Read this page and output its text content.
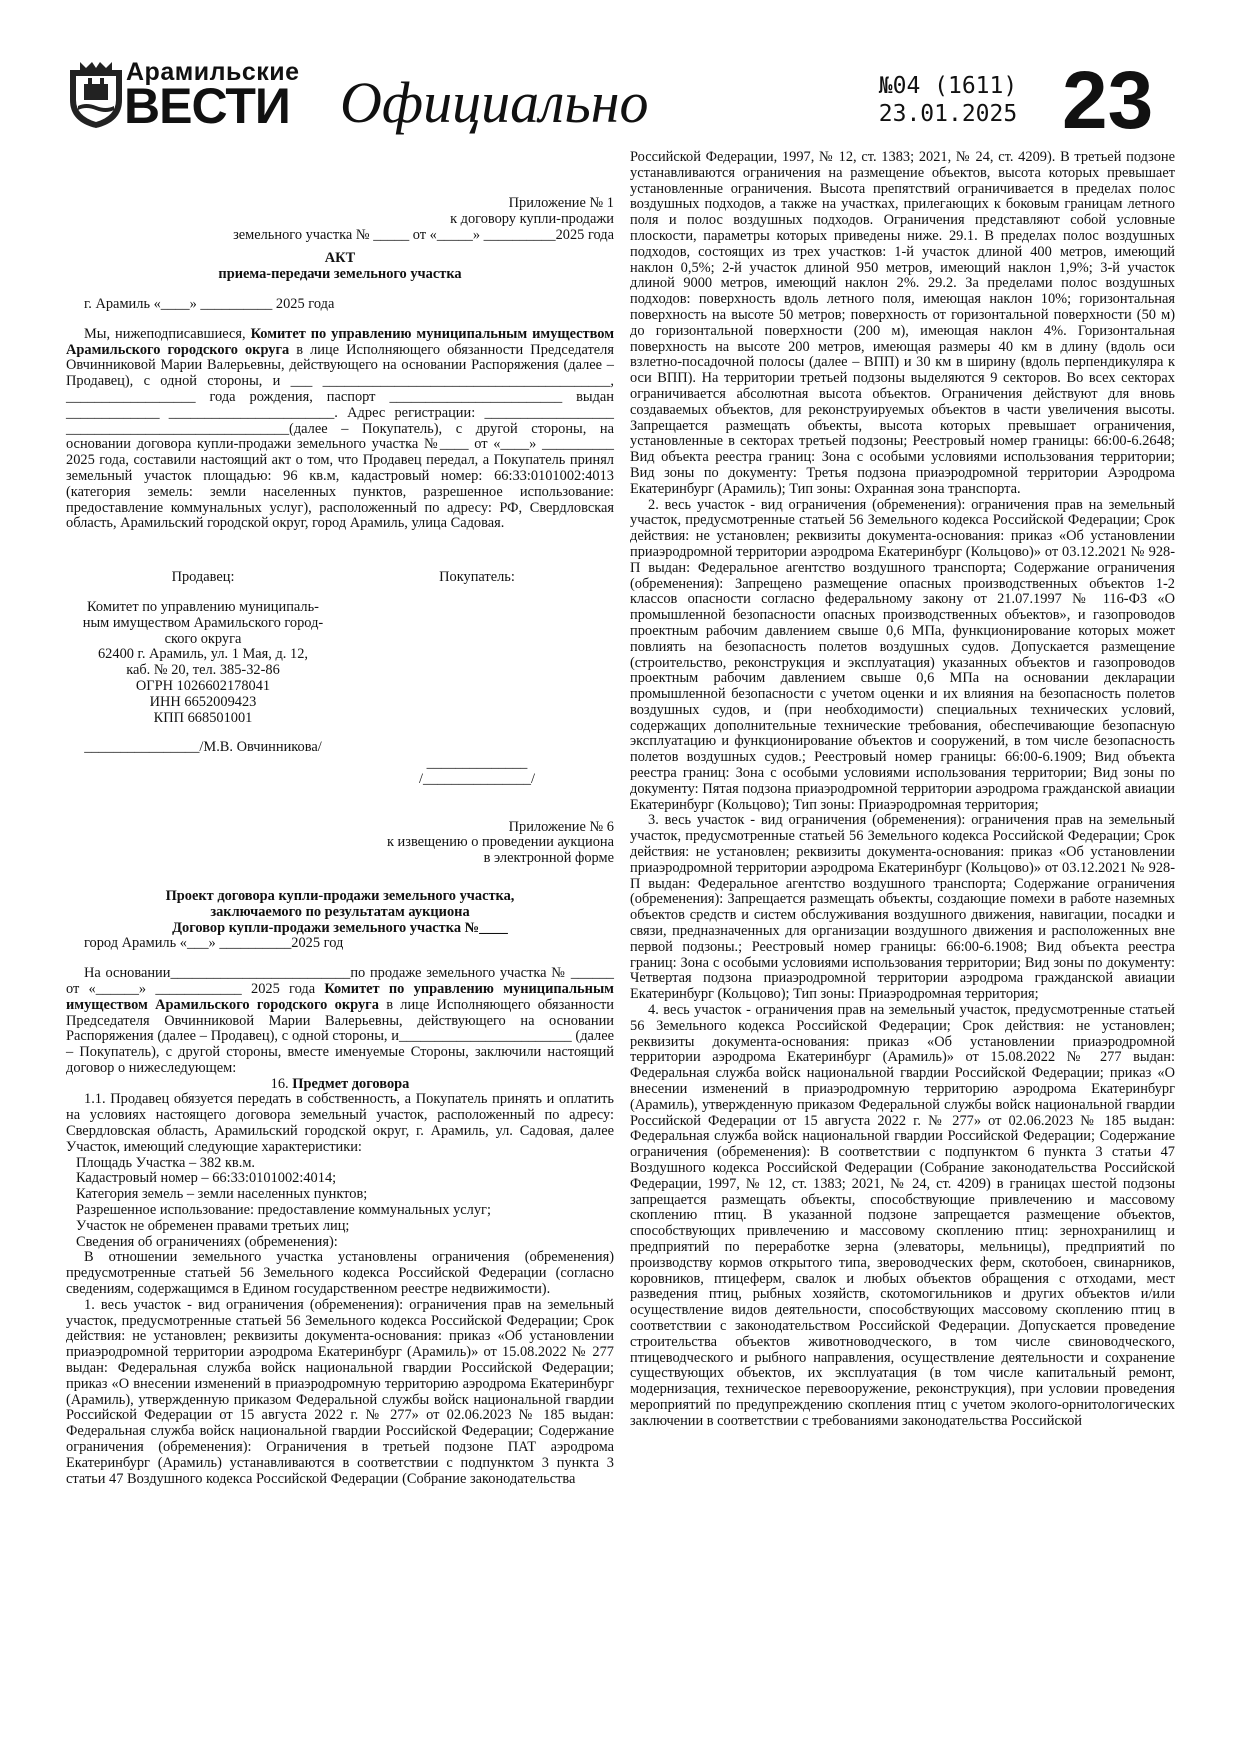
Арамильские
ВЕСТИ Официально	№04 (1611)
23.01.2025 23

Приложение № 1

к договору купли-продажи

земельного участка № _____ от «_____» __________2025 года

АКТ

приема-передачи земельного участка

г. Арамиль «____» __________ 2025 года

Мы, нижеподписавшиеся, Комитет по управлению муниципальным имуществом Арамильского городского округа в лице Исполняющего обязанности Председателя Овчинниковой Марии Валерьевны, действующего на основании Распоряжения (далее – Продавец), с одной стороны, и ___ ________________________________________, __________________ года рождения, паспорт ________________________ выдан _____________ _______________________. Адрес регистрации: __________________ _______________________________(далее – Покупатель), с другой стороны, на основании договора купли-продажи земельного участка №____ от «____» __________ 2025 года, составили настоящий акт о том, что Продавец передал, а Покупатель принял земельный участок площадью: 96 кв.м, кадастровый номер: 66:33:0101002:4013 (категория земель: земли населенных пунктов, разрешенное использование: предоставление коммунальных услуг), расположенный по адресу: РФ, Свердловская область, Арамильский городской округ, город Арамиль, улица Садовая.

Продавец:

Комитет по управлению муниципаль-

ным имуществом Арамильского город-

ского округа

62400 г. Арамиль, ул. 1 Мая, д. 12,

каб. № 20, тел. 385-32-86

ОГРН 1026602178041

ИНН 6652009423

КПП 668501001

________________/М.В. Овчинникова/

Покупатель:

______________

/_______________/

Приложение № 6

к извещению о проведении аукциона

в электронной форме

Проект договора купли-продажи земельного участка,

заключаемого по результатам аукциона

Договор купли-продажи земельного участка №____

город Арамиль «___» __________2025 год

На основании_________________________по продаже земельного участка № ______ от «______» ____________ 2025 года Комитет по управлению муниципальным имуществом Арамильского городского округа в лице Исполняющего обязанности Председателя Овчинниковой Марии Валерьевны, действующего на основании Распоряжения (далее – Продавец), с одной стороны, и________________________ (далее – Покупатель), с другой стороны, вместе именуемые Стороны, заключили настоящий договор о нижеследующем:

16. Предмет договора

1.1. Продавец обязуется передать в собственность, а Покупатель принять и оплатить на условиях настоящего договора земельный участок, расположенный по адресу: Свердловская область, Арамильский городской округ, г. Арамиль, ул. Садовая, далее Участок, имеющий следующие характеристики:

Площадь Участка – 382 кв.м.

Кадастровый номер – 66:33:0101002:4014;

Категория земель – земли населенных пунктов;

Разрешенное использование: предоставление коммунальных услуг;

Участок не обременен правами третьих лиц;

Сведения об ограничениях (обременения):

В отношении земельного участка установлены ограничения (обременения) предусмотренные статьей 56 Земельного кодекса Российской Федерации (согласно сведениям, содержащимся в Едином государственном реестре недвижимости).

1. весь участок - вид ограничения (обременения): ограничения прав на земельный участок, предусмотренные статьей 56 Земельного кодекса Российской Федерации; Срок действия: не установлен; реквизиты документа-основания: приказ «Об установлении приаэродромной территории аэродрома Екатеринбург (Арамиль)» от 15.08.2022 № 277 выдан: Федеральная служба войск национальной гвардии Российской Федерации; приказ «О внесении изменений в приаэродромную территорию аэродрома Екатеринбург (Арамиль), утвержденную приказом Федеральной службы войск национальной гвардии Российской Федерации от 15 августа 2022 г. № 277» от 02.06.2023 № 185 выдан: Федеральная служба войск национальной гвардии Российской Федерации; Содержание ограничения (обременения): Ограничения в третьей подзоне ПАТ аэродрома Екатеринбург (Арамиль) устанавливаются в соответствии с подпунктом 3 пункта 3 статьи 47 Воздушного кодекса Российской Федерации (Собрание законодательства

Российской Федерации, 1997, № 12, ст. 1383; 2021, № 24, ст. 4209). В третьей подзоне устанавливаются ограничения на размещение объектов, высота которых превышает установленные ограничения. Высота препятствий ограничивается в пределах полос воздушных подходов, а также на участках, прилегающих к боковым границам летного поля и полос воздушных подходов. Ограничения представляют собой условные плоскости, параметры которых приведены ниже. 29.1. В пределах полос воздушных подходов, состоящих из трех участков: 1-й участок длиной 400 метров, имеющий наклон 0,5%; 2-й участок длиной 950 метров, имеющий наклон 1,9%; 3-й участок длиной 9000 метров, имеющий наклон 2%. 29.2. За пределами полос воздушных подходов: поверхность вдоль летного поля, имеющая наклон 10%; горизонтальная поверхность на высоте 50 метров; поверхность от горизонтальной поверхности (50 м) до горизонтальной поверхности (200 м), имеющая наклон 4%. Горизонтальная поверхность на высоте 200 метров, имеющая размеры 40 км в длину (вдоль оси взлетно-посадочной полосы (далее – ВПП) и 30 км в ширину (вдоль перпендикуляра к оси ВПП). На территории третьей подзоны выделяются 9 секторов. Во всех секторах ограничивается абсолютная высота объектов. Ограничения действуют для вновь создаваемых объектов, для реконструируемых объектов в части увеличения высоты. Запрещается размещать объекты, высота которых превышает ограничения, установленные в секторах третьей подзоны; Реестровый номер границы: 66:00-6.2648; Вид объекта реестра границ: Зона с особыми условиями использования территории; Вид зоны по документу: Третья подзона приаэродромной территории Аэродрома Екатеринбург (Арамиль); Тип зоны: Охранная зона транспорта.

2. весь участок - вид ограничения (обременения): ограничения прав на земельный участок, предусмотренные статьей 56 Земельного кодекса Российской Федерации; Срок действия: не установлен; реквизиты документа-основания: приказ «Об установлении приаэродромной территории аэродрома Екатеринбург (Кольцово)» от 03.12.2021 № 928-П выдан: Федеральное агентство воздушного транспорта; Содержание ограничения (обременения): Запрещено размещение опасных производственных объектов 1-2 классов опасности согласно федеральному закону от 21.07.1997 № 116-ФЗ «О промышленной безопасности опасных производственных объектов», и газопроводов проектным рабочим давлением свыше 0,6 МПа, функционирование которых может повлиять на безопасность полетов воздушных судов. Допускается размещение (строительство, реконструкция и эксплуатация) указанных объектов и газопроводов проектным рабочим давлением свыше 0,6 МПа на основании декларации промышленной безопасности с учетом оценки и их влияния на безопасность полетов воздушных судов, и (при необходимости) специальных технических условий, содержащих дополнительные технические требования, обеспечивающие безопасную эксплуатацию и функционирование объектов и сооружений, в том числе безопасность полетов воздушных судов.; Реестровый номер границы: 66:00-6.1909; Вид объекта реестра границ: Зона с особыми условиями использования территории; Вид зоны по документу: Пятая подзона приаэродромной территории аэродрома гражданской авиации Екатеринбург (Кольцово); Тип зоны: Приаэродромная территория;

3. весь участок - вид ограничения (обременения): ограничения прав на земельный участок, предусмотренные статьей 56 Земельного кодекса Российской Федерации; Срок действия: не установлен; реквизиты документа-основания: приказ «Об установлении приаэродромной территории аэродрома Екатеринбург (Кольцово)» от 03.12.2021 № 928-П выдан: Федеральное агентство воздушного транспорта; Содержание ограничения (обременения): Запрещается размещать объекты, создающие помехи в работе наземных объектов средств и систем обслуживания воздушного движения, навигации, посадки и связи, предназначенных для организации воздушного движения и расположенных вне первой подзоны.; Реестровый номер границы: 66:00-6.1908; Вид объекта реестра границ: Зона с особыми условиями использования территории; Вид зоны по документу: Четвертая подзона приаэродромной территории аэродрома гражданской авиации Екатеринбург (Кольцово); Тип зоны: Приаэродромная территория;

4. весь участок - ограничения прав на земельный участок, предусмотренные статьей 56 Земельного кодекса Российской Федерации; Срок действия: не установлен; реквизиты документа-основания: приказ «Об установлении приаэродромной территории аэродрома Екатеринбург (Арамиль)» от 15.08.2022 № 277 выдан: Федеральная служба войск национальной гвардии Российской Федерации; приказ «О внесении изменений в приаэродромную территорию аэродрома Екатеринбург (Арамиль), утвержденную приказом Федеральной службы войск национальной гвардии Российской Федерации от 15 августа 2022 г. № 277» от 02.06.2023 № 185 выдан: Федеральная служба войск национальной гвардии Российской Федерации; Содержание ограничения (обременения): В соответствии с подпунктом 6 пункта 3 статьи 47 Воздушного кодекса Российской Федерации (Собрание законодательства Российской Федерации, 1997, № 12, ст. 1383; 2021, № 24, ст. 4209) в границах шестой подзоны запрещается размещать объекты, способствующие привлечению и массовому скоплению птиц. В указанной подзоне запрещается размещение объектов, способствующих привлечению и массовому скоплению птиц: зернохранилищ и предприятий по переработке зерна (элеваторы, мельницы), предприятий по производству кормов открытого типа, звероводческих ферм, скотобоен, свинарников, коровников, птицеферм, свалок и любых объектов обращения с отходами, мест разведения птиц, рыбных хозяйств, скотомогильников и других объектов и/или осуществление видов деятельности, способствующих массовому скоплению птиц в соответствии с законодательством Российской Федерации. Допускается проведение строительства объектов животноводческого, в том числе свиноводческого, птицеводческого и рыбного направления, осуществление деятельности и сохранение существующих объектов, их эксплуатация (в том числе капитальный ремонт, модернизация, техническое перевооружение, реконструкция), при условии проведения мероприятий по предупреждению скопления птиц с учетом эколого-орнитологических заключении в соответствии с требованиями законодательства Российской
